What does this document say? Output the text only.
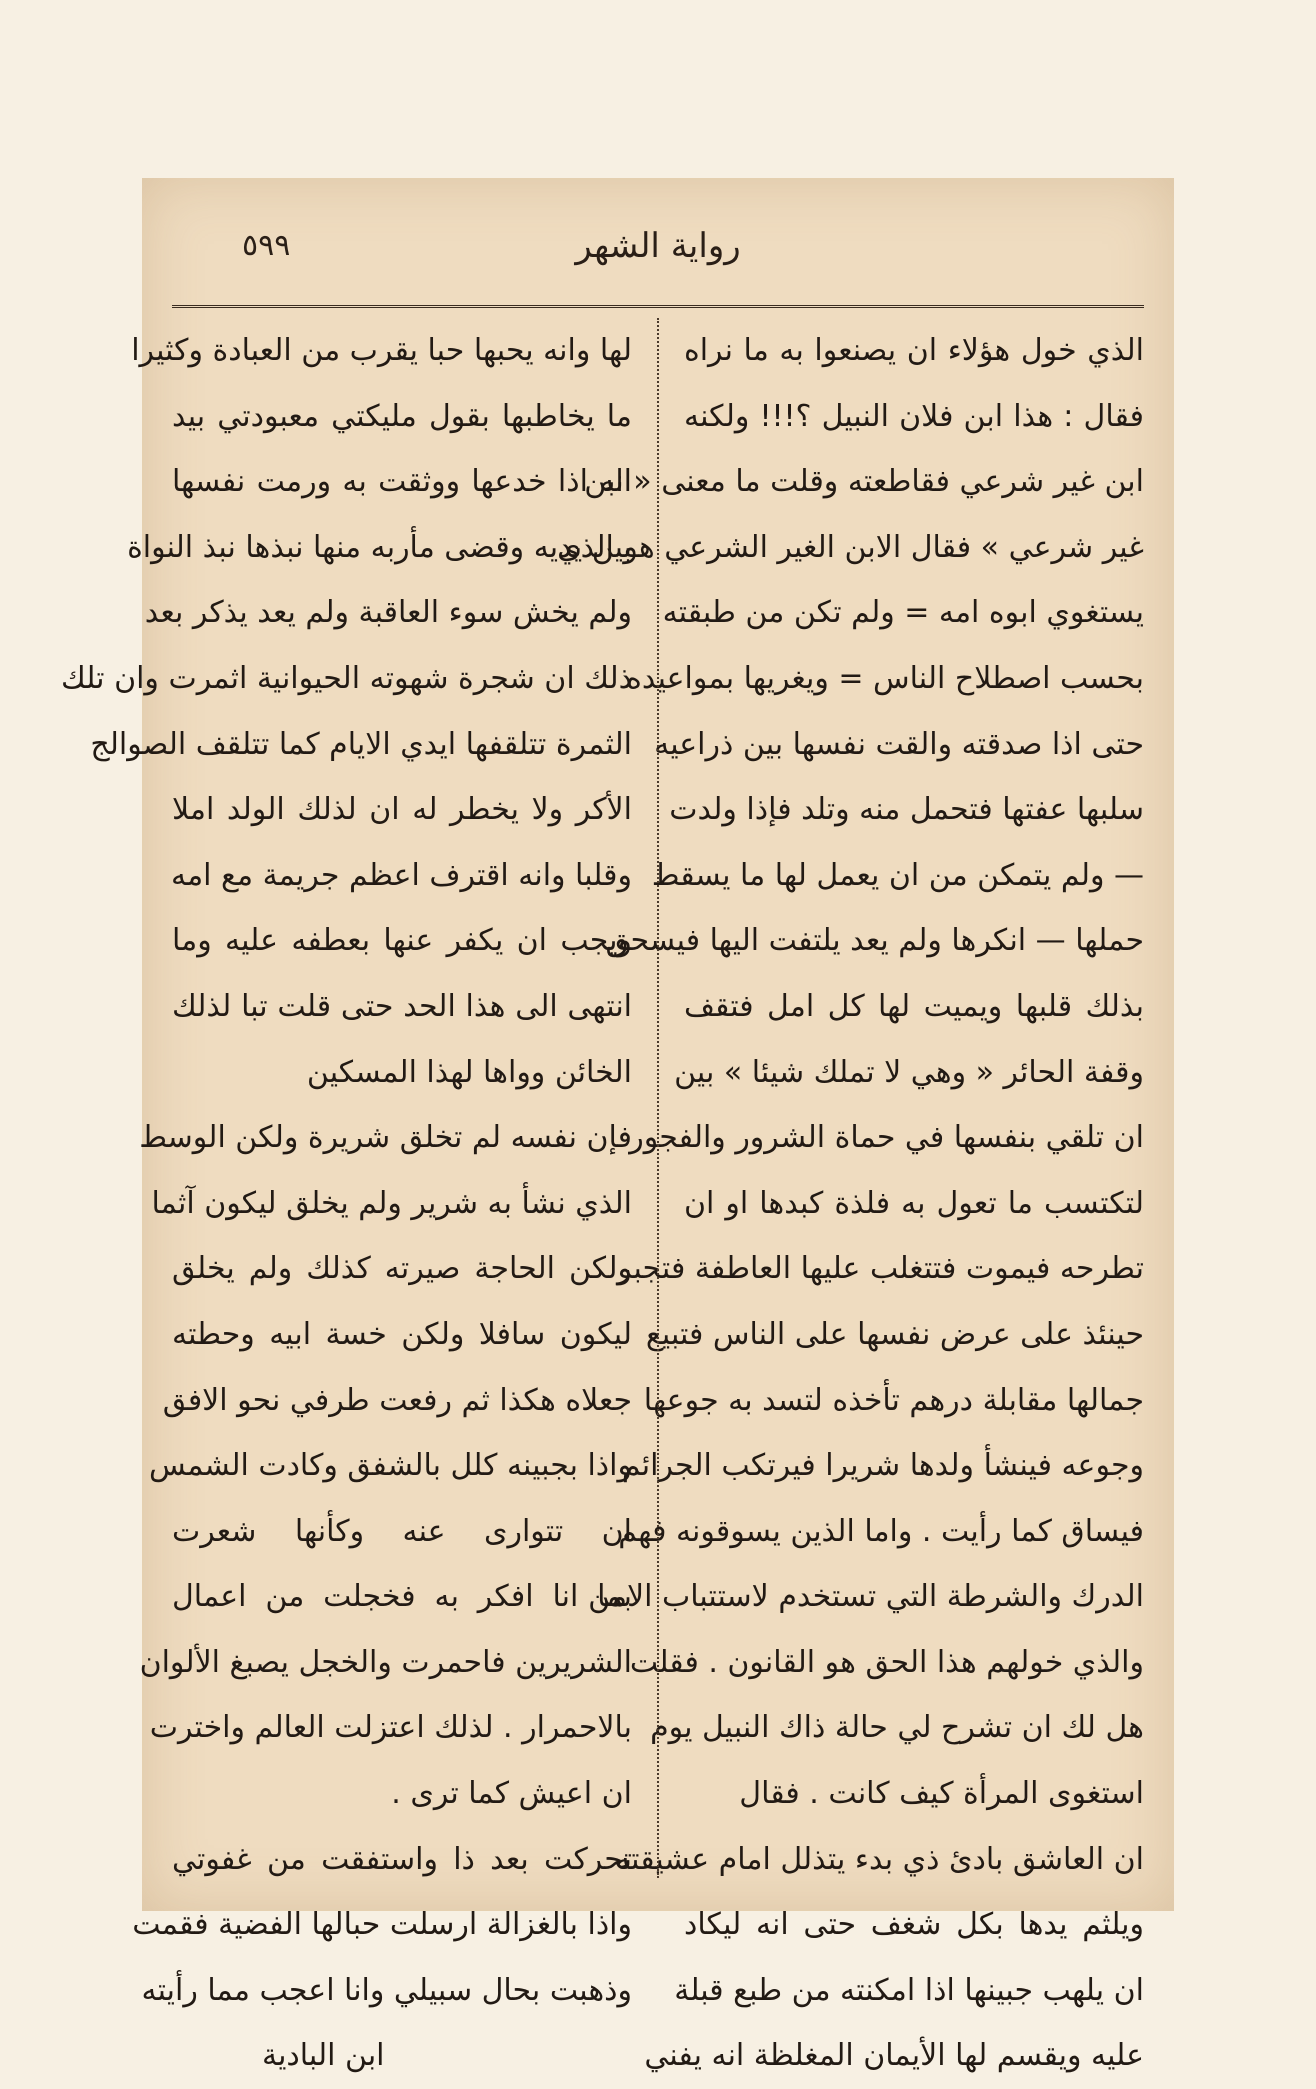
رواية الشهر
٥٩٩
الذي خول هؤلاء ان يصنعوا به ما نراه
فقال : هذا ابن فلان النبيل ؟!!! ولكنه
ابن غير شرعي فقاطعته وقلت ما معنى « ابن
غير شرعي » فقال الابن الغير الشرعي هو الذي
يستغوي ابوه امه = ولم تكن من طبقته
بحسب اصطلاح الناس = ويغريها بمواعيده
حتى اذا صدقته والقت نفسها بين ذراعيه
سلبها عفتها فتحمل منه وتلد فإذا ولدت
— ولم يتمكن من ان يعمل لها ما يسقط
حملها — انكرها ولم يعد يلتفت اليها فيسحق
بذلك قلبها ويميت لها كل امل فتقف
وقفة الحائر « وهي لا تملك شيئا » بين
ان تلقي بنفسها في حماة الشرور والفجور
لتكتسب ما تعول به فلذة كبدها او ان
تطرحه فيموت فتتغلب عليها العاطفة فتجبر
حينئذ على عرض نفسها على الناس فتبيع
جمالها مقابلة درهم تأخذه لتسد به جوعها
وجوعه فينشأ ولدها شريرا فيرتكب الجرائم
فيساق كما رأيت . واما الذين يسوقونه فهم
الدرك والشرطة التي تستخدم لاستتباب الامن
والذي خولهم هذا الحق هو القانون . فقلت
هل لك ان تشرح لي حالة ذاك النبيل يوم
استغوى المرأة كيف كانت . فقال
ان العاشق بادئ ذي بدء يتذلل امام عشيقته
ويلثم يدها بكل شغف حتى انه ليكاد
ان يلهب جبينها اذا امكنته من طبع قبلة
عليه ويقسم لها الأيمان المغلظة انه يفني
لها وانه يحبها حبا يقرب من العبادة وكثيرا
ما يخاطبها بقول مليكتي معبودتي بيد
انه اذا خدعها ووثقت به ورمت نفسها
بين يديه وقضى مأربه منها نبذها نبذ النواة
ولم يخش سوء العاقبة ولم يعد يذكر بعد
ذلك ان شجرة شهوته الحيوانية اثمرت وان تلك
الثمرة تتلقفها ايدي الايام كما تتلقف الصوالج
الأكر ولا يخطر له ان لذلك الولد املا
وقلبا وانه اقترف اعظم جريمة مع امه
ويجب ان يكفر عنها بعطفه عليه وما
انتهى الى هذا الحد حتى قلت تبا لذلك
الخائن وواها لهذا المسكين
فإن نفسه لم تخلق شريرة ولكن الوسط
الذي نشأ به شرير ولم يخلق ليكون آثما
ولكن الحاجة صيرته كذلك ولم يخلق
ليكون سافلا ولكن خسة ابيه وحطته
جعلاه هكذا ثم رفعت طرفي نحو الافق
واذا بجبينه كلل بالشفق وكادت الشمس
ان تتوارى عنه وكأنها شعرت
بما انا افكر به فخجلت من اعمال
الشريرين فاحمرت والخجل يصبغ الألوان
بالاحمرار . لذلك اعتزلت العالم واخترت
ان اعيش كما ترى .
تحركت بعد ذا واستفقت من غفوتي
واذا بالغزالة ارسلت حبالها الفضية فقمت
وذهبت بحال سبيلي وانا اعجب مما رأيته
ابن البادية
